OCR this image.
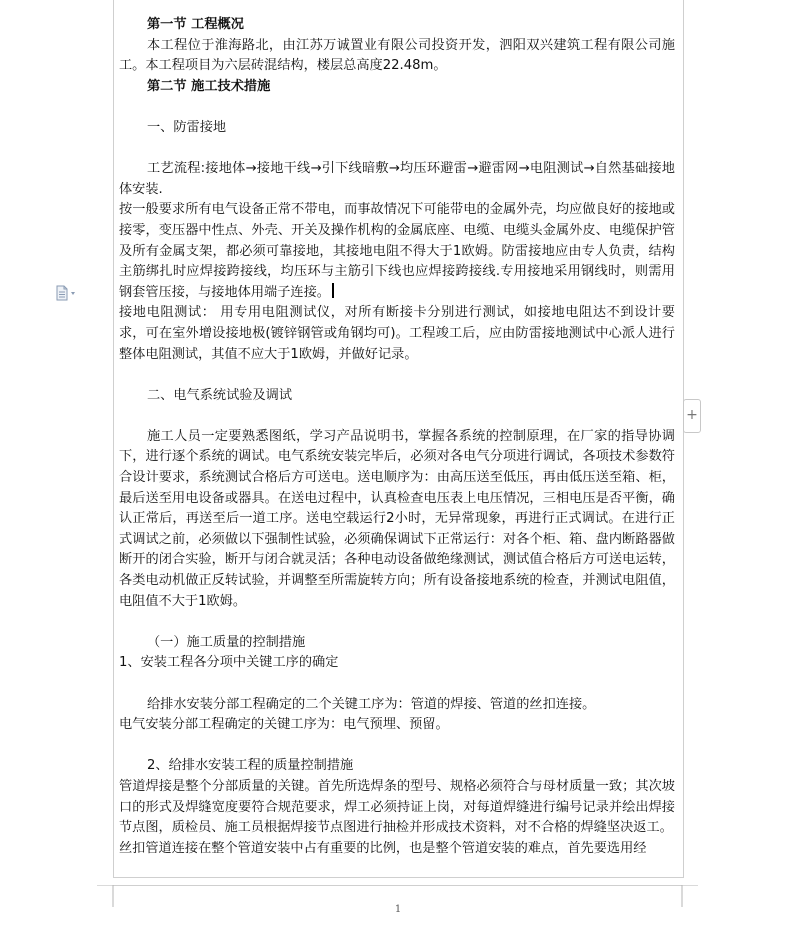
第一节 工程概况

本工程位于淮海路北，由江苏万诚置业有限公司投资开发，泗阳双兴建筑工程有限公司施工。本工程项目为六层砖混结构，楼层总高度22.48m。

第二节 施工技术措施

一、防雷接地

工艺流程:接地体→接地干线→引下线暗敷→均压环避雷→避雷网→电阻测试→自然基础接地体安装.

按一般要求所有电气设备正常不带电，而事故情况下可能带电的金属外壳，均应做良好的接地或接零，变压器中性点、外壳、开关及操作机构的金属底座、电缆、电缆头金属外皮、电缆保护管及所有金属支架，都必须可靠接地，其接地电阻不得大于1欧姆。防雷接地应由专人负责，结构主筋绑扎时应焊接跨接线，均压环与主筋引下线也应焊接跨接线.专用接地采用钢线时，则需用钢套管压接，与接地体用端子连接。

接地电阻测试： 用专用电阻测试仪，对所有断接卡分别进行测试，如接地电阻达不到设计要求，可在室外增设接地极(镀锌钢管或角钢均可)。工程竣工后，应由防雷接地测试中心派人进行整体电阻测试，其值不应大于1欧姆，并做好记录。

二、电气系统试验及调试

施工人员一定要熟悉图纸，学习产品说明书，掌握各系统的控制原理，在厂家的指导协调下，进行逐个系统的调试。电气系统安装完毕后，必须对各电气分项进行调试，各项技术参数符合设计要求，系统测试合格后方可送电。送电顺序为：由高压送至低压，再由低压送至箱、柜，最后送至用电设备或器具。在送电过程中，认真检查电压表上电压情况，三相电压是否平衡，确认正常后，再送至后一道工序。送电空载运行2小时，无异常现象，再进行正式调试。在进行正式调试之前，必须做以下强制性试验，必须确保调试下正常运行：对各个柜、箱、盘内断路器做断开的闭合实验，断开与闭合就灵活；各种电动设备做绝缘测试，测试值合格后方可送电运转，各类电动机做正反转试验，并调整至所需旋转方向；所有设备接地系统的检查，并测试电阻值，电阻值不大于1欧姆。

（一）施工质量的控制措施

1、安装工程各分项中关键工序的确定

给排水安装分部工程确定的二个关键工序为：管道的焊接、管道的丝扣连接。

电气安装分部工程确定的关键工序为：电气预埋、预留。

2、给排水安装工程的质量控制措施

管道焊接是整个分部质量的关键。首先所选焊条的型号、规格必须符合与母材质量一致；其次坡口的形式及焊缝宽度要符合规范要求，焊工必须持证上岗，对每道焊缝进行编号记录并绘出焊接节点图，质检员、施工员根据焊接节点图进行抽检并形成技术资料，对不合格的焊缝坚决返工。

丝扣管道连接在整个管道安装中占有重要的比例，也是整个管道安装的难点，首先要选用经

+
1
